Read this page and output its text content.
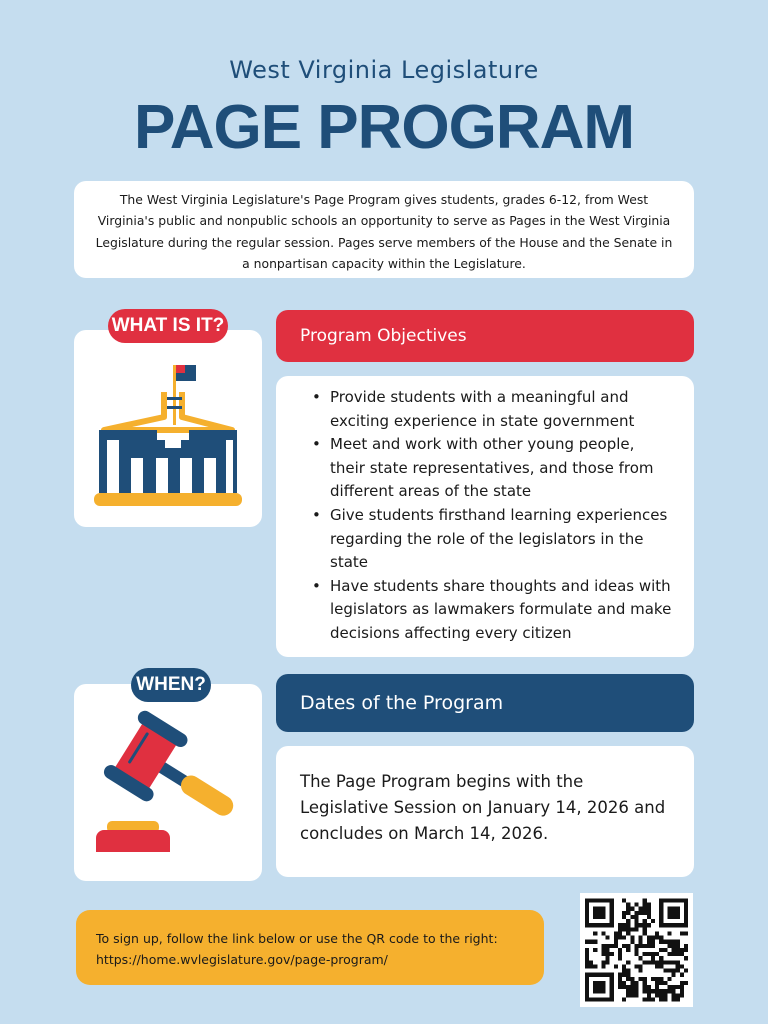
West Virginia Legislature
PAGE PROGRAM
The West Virginia Legislature's Page Program gives students, grades 6-12, from West Virginia's public and nonpublic schools an opportunity to serve as Pages in the West Virginia Legislature during the regular session. Pages serve members of the House and the Senate in a nonpartisan capacity within the Legislature.
WHAT IS IT?	Program Objectives
• Provide students with a meaningful and exciting experience in state government
• Meet and work with other young people, their state representatives, and those from different areas of the state
• Give students firsthand learning experiences regarding the role of the legislators in the state
• Have students share thoughts and ideas with legislators as lawmakers formulate and make decisions affecting every citizen
WHEN?
Dates of the Program
The Page Program begins with the Legislative Session on January 14, 2026 and concludes on March 14, 2026.
To sign up, follow the link below or use the QR code to the right:
https://home.wvlegislature.gov/page-program/
